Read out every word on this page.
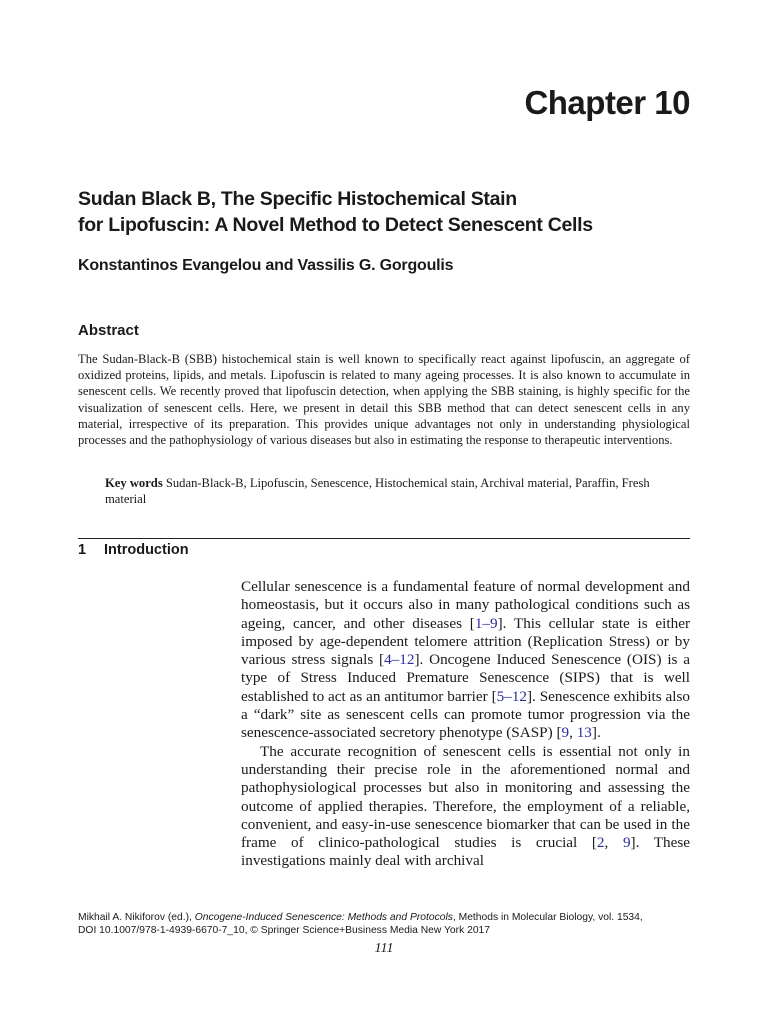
Chapter 10
Sudan Black B, The Specific Histochemical Stain
for Lipofuscin: A Novel Method to Detect Senescent Cells
Konstantinos Evangelou and Vassilis G. Gorgoulis
Abstract
The Sudan-Black-B (SBB) histochemical stain is well known to specifically react against lipofuscin, an aggregate of oxidized proteins, lipids, and metals. Lipofuscin is related to many ageing processes. It is also known to accumulate in senescent cells. We recently proved that lipofuscin detection, when applying the SBB staining, is highly specific for the visualization of senescent cells. Here, we present in detail this SBB method that can detect senescent cells in any material, irrespective of its preparation. This provides unique advantages not only in understanding physiological processes and the pathophysiology of various diseases but also in estimating the response to therapeutic interventions.
Key words Sudan-Black-B, Lipofuscin, Senescence, Histochemical stain, Archival material, Paraffin, Fresh material
1 Introduction

Cellular senescence is a fundamental feature of normal development and homeostasis, but it occurs also in many pathological conditions such as ageing, cancer, and other diseases [1–9]. This cellular state is either imposed by age-dependent telomere attrition (Replication Stress) or by various stress signals [4–12]. Oncogene Induced Senescence (OIS) is a type of Stress Induced Premature Senescence (SIPS) that is well established to act as an antitumor barrier [5–12]. Senescence exhibits also a “dark” site as senescent cells can promote tumor progression via the senescence-associated secretory phenotype (SASP) [9, 13].

The accurate recognition of senescent cells is essential not only in understanding their precise role in the aforementioned normal and pathophysiological processes but also in monitoring and assessing the outcome of applied therapies. Therefore, the employment of a reliable, convenient, and easy-in-use senescence biomarker that can be used in the frame of clinico-pathological studies is crucial [2, 9]. These investigations mainly deal with archival

Mikhail A. Nikiforov (ed.), Oncogene-Induced Senescence: Methods and Protocols, Methods in Molecular Biology, vol. 1534,
DOI 10.1007/978-1-4939-6670-7_10, © Springer Science+Business Media New York 2017
111
